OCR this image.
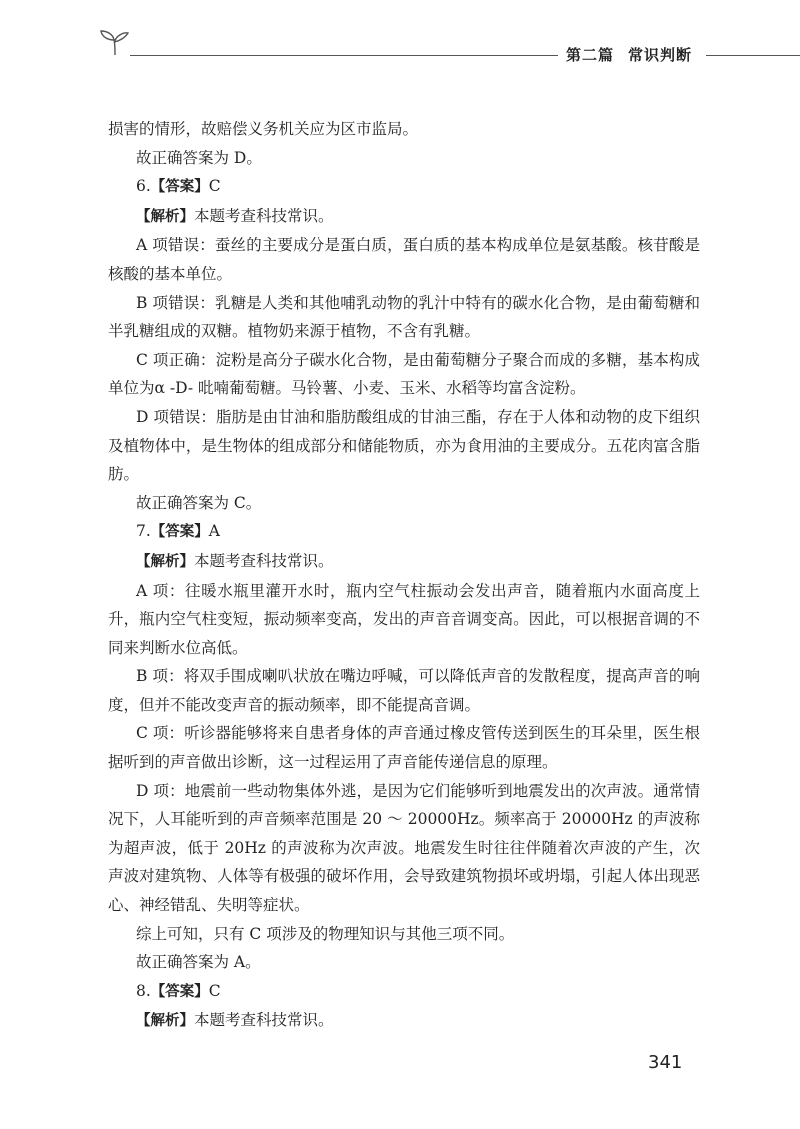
第二篇 常识判断

损害的情形，故赔偿义务机关应为区市监局。

故正确答案为 D。

6.【答案】C

【解析】本题考查科技常识。

A 项错误：蚕丝的主要成分是蛋白质，蛋白质的基本构成单位是氨基酸。核苷酸是核酸的基本单位。

B 项错误：乳糖是人类和其他哺乳动物的乳汁中特有的碳水化合物，是由葡萄糖和半乳糖组成的双糖。植物奶来源于植物，不含有乳糖。

C 项正确：淀粉是高分子碳水化合物，是由葡萄糖分子聚合而成的多糖，基本构成单位为α -D- 吡喃葡萄糖。马铃薯、小麦、玉米、水稻等均富含淀粉。

D 项错误：脂肪是由甘油和脂肪酸组成的甘油三酯，存在于人体和动物的皮下组织及植物体中，是生物体的组成部分和储能物质，亦为食用油的主要成分。五花肉富含脂肪。

故正确答案为 C。

7.【答案】A

【解析】本题考查科技常识。

A 项：往暖水瓶里灌开水时，瓶内空气柱振动会发出声音，随着瓶内水面高度上升，瓶内空气柱变短，振动频率变高，发出的声音音调变高。因此，可以根据音调的不同来判断水位高低。

B 项：将双手围成喇叭状放在嘴边呼喊，可以降低声音的发散程度，提高声音的响度，但并不能改变声音的振动频率，即不能提高音调。

C 项：听诊器能够将来自患者身体的声音通过橡皮管传送到医生的耳朵里，医生根据听到的声音做出诊断，这一过程运用了声音能传递信息的原理。

D 项：地震前一些动物集体外逃，是因为它们能够听到地震发出的次声波。通常情况下，人耳能听到的声音频率范围是 20 ～ 20000Hz。频率高于 20000Hz 的声波称为超声波，低于 20Hz 的声波称为次声波。地震发生时往往伴随着次声波的产生，次声波对建筑物、人体等有极强的破坏作用，会导致建筑物损坏或坍塌，引起人体出现恶心、神经错乱、失明等症状。

综上可知，只有 C 项涉及的物理知识与其他三项不同。

故正确答案为 A。

8.【答案】C

【解析】本题考查科技常识。

341
